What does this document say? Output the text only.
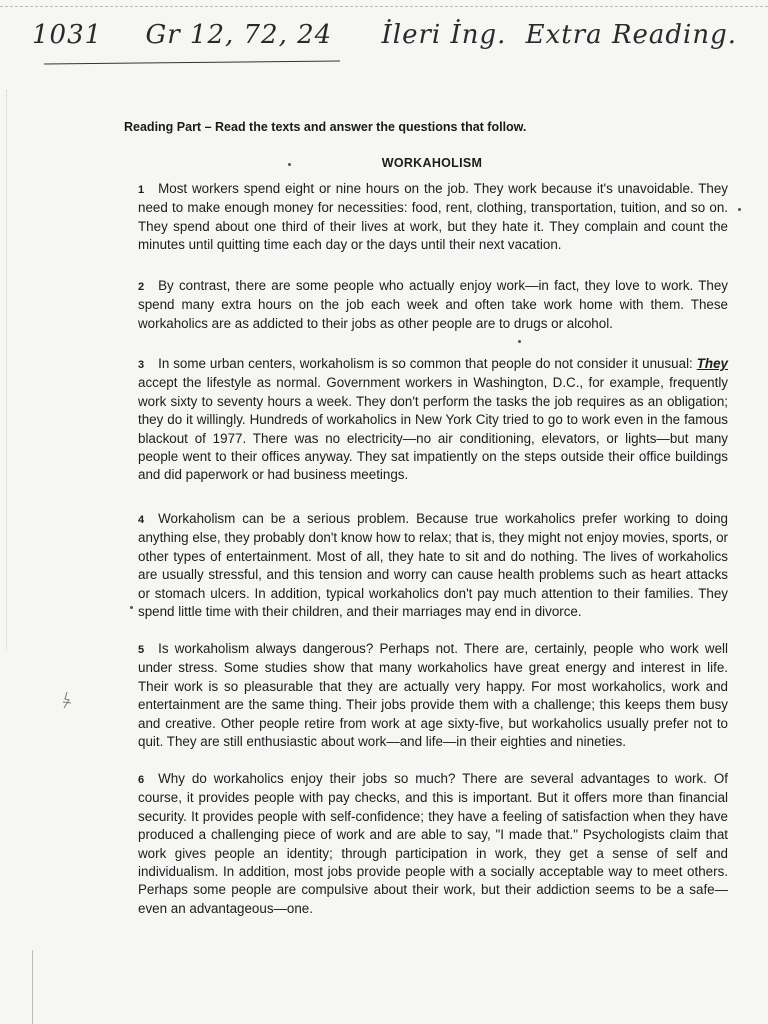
1031 Gr 12, 72, 24 İleri İng. Extra Reading.
Reading Part – Read the texts and answer the questions that follow.
WORKAHOLISM
1 Most workers spend eight or nine hours on the job. They work because it's unavoidable. They need to make enough money for necessities: food, rent, clothing, transportation, tuition, and so on. They spend about one third of their lives at work, but they hate it. They complain and count the minutes until quitting time each day or the days until their next vacation.
2 By contrast, there are some people who actually enjoy work—in fact, they love to work. They spend many extra hours on the job each week and often take work home with them. These workaholics are as addicted to their jobs as other people are to drugs or alcohol.
3 In some urban centers, workaholism is so common that people do not consider it unusual: They accept the lifestyle as normal. Government workers in Washington, D.C., for example, frequently work sixty to seventy hours a week. They don't perform the tasks the job requires as an obligation; they do it willingly. Hundreds of workaholics in New York City tried to go to work even in the famous blackout of 1977. There was no electricity—no air conditioning, elevators, or lights—but many people went to their offices anyway. They sat impatiently on the steps outside their office buildings and did paperwork or had business meetings.
4 Workaholism can be a serious problem. Because true workaholics prefer working to doing anything else, they probably don't know how to relax; that is, they might not enjoy movies, sports, or other types of entertainment. Most of all, they hate to sit and do nothing. The lives of workaholics are usually stressful, and this tension and worry can cause health problems such as heart attacks or stomach ulcers. In addition, typical workaholics don't pay much attention to their families. They spend little time with their children, and their marriages may end in divorce.
5 Is workaholism always dangerous? Perhaps not. There are, certainly, people who work well under stress. Some studies show that many workaholics have great energy and interest in life. Their work is so pleasurable that they are actually very happy. For most workaholics, work and entertainment are the same thing. Their jobs provide them with a challenge; this keeps them busy and creative. Other people retire from work at age sixty-five, but workaholics usually prefer not to quit. They are still enthusiastic about work—and life—in their eighties and nineties.
6 Why do workaholics enjoy their jobs so much? There are several advantages to work. Of course, it provides people with pay checks, and this is important. But it offers more than financial security. It provides people with self-confidence; they have a feeling of satisfaction when they have produced a challenging piece of work and are able to say, "I made that." Psychologists claim that work gives people an identity; through participation in work, they get a sense of self and individualism. In addition, most jobs provide people with a socially acceptable way to meet others. Perhaps some people are compulsive about their work, but their addiction seems to be a safe—even an advantageous—one.
